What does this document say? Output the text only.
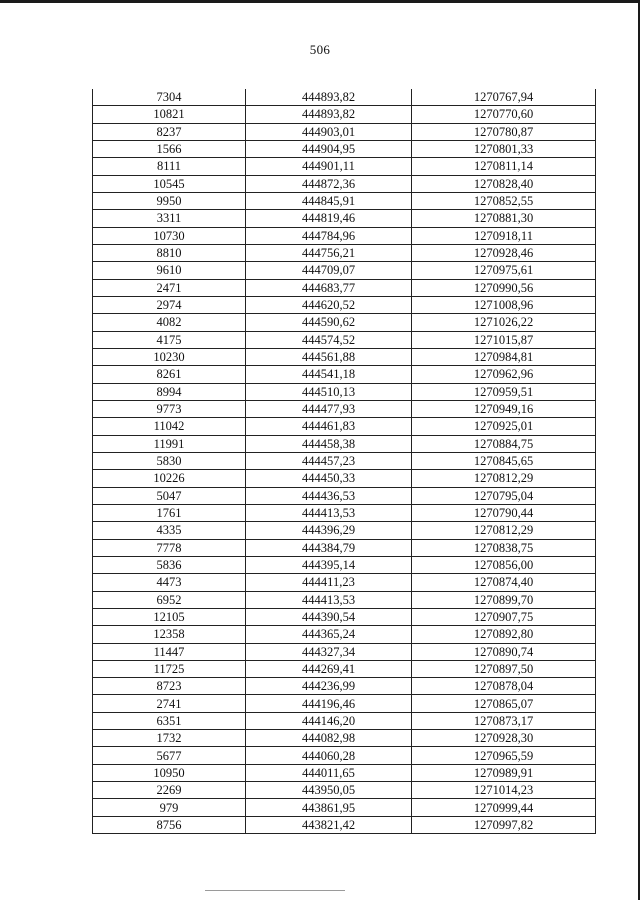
506
7304	444893,82	1270767,94
10821	444893,82	1270770,60
8237	444903,01	1270780,87
1566	444904,95	1270801,33
8111	444901,11	1270811,14
10545	444872,36	1270828,40
9950	444845,91	1270852,55
3311	444819,46	1270881,30
10730	444784,96	1270918,11
8810	444756,21	1270928,46
9610	444709,07	1270975,61
2471	444683,77	1270990,56
2974	444620,52	1271008,96
4082	444590,62	1271026,22
4175	444574,52	1271015,87
10230	444561,88	1270984,81
8261	444541,18	1270962,96
8994	444510,13	1270959,51
9773	444477,93	1270949,16
11042	444461,83	1270925,01
11991	444458,38	1270884,75
5830	444457,23	1270845,65
10226	444450,33	1270812,29
5047	444436,53	1270795,04
1761	444413,53	1270790,44
4335	444396,29	1270812,29
7778	444384,79	1270838,75
5836	444395,14	1270856,00
4473	444411,23	1270874,40
6952	444413,53	1270899,70
12105	444390,54	1270907,75
12358	444365,24	1270892,80
11447	444327,34	1270890,74
11725	444269,41	1270897,50
8723	444236,99	1270878,04
2741	444196,46	1270865,07
6351	444146,20	1270873,17
1732	444082,98	1270928,30
5677	444060,28	1270965,59
10950	444011,65	1270989,91
2269	443950,05	1271014,23
979	443861,95	1270999,44
8756	443821,42	1270997,82
